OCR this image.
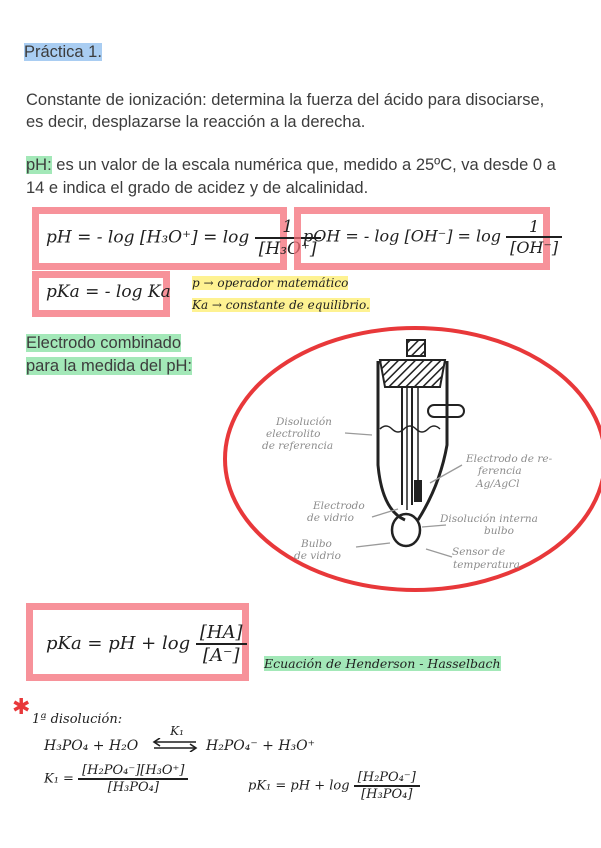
Práctica 1.
Constante de ionización: determina la fuerza del ácido para disociarse,
es decir, desplazarse la reacción a la derecha.
pH: es un valor de la escala numérica que, medido a 25ºC, va desde 0 a
14 e indica el grado de acidez y de alcalinidad.
pH = - $\log [H_3O^+] = \log \frac{1}{\text{[H₃O⁺]}}$
pOH = - $\log [OH^-] = \log \frac{1}{[OH^-]}$
pKa = - log Ka p → operador matemático
Ka → constante de equilibrio.
Electrodo combinado
para la medida del pH:
Disolución
electrolito
de referencia
Electrodo de re-
ferencia
Ag/AgCl
Electrodo
de vidrio	Disolución interna
bulbo
Bulbo
de vidrio	Sensor de
temperatura
pKa = pH + $\log \frac{[HA]}{[A^-]}$ Ecuación de Henderson - Hasselbach
✱
1ª disolución:
H₃PO₄ + H₂O
K₁
⇌ H₂PO₄⁻ + H₃O⁺
$K_1 = \frac{\text{[H₂PO₄⁻][H₃O⁺]}}{\text{[H₃PO₄]}}$	pK₁ = pH + $\log \frac{\text{[H₂PO₄⁻]}}{\text{[H₃PO₄]}}$
